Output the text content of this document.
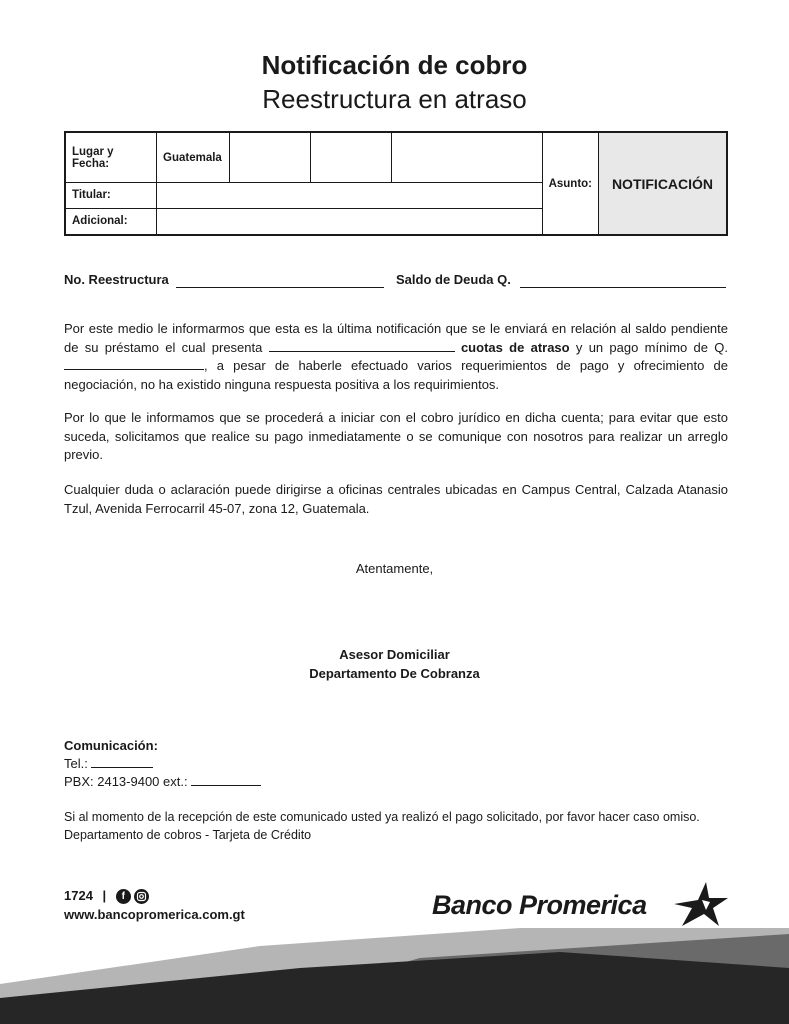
Notificación de cobro
Reestructura en atraso
Lugar y Fecha:	Guatemala				Asunto:	NOTIFICACIÓN
Titular:						
Adicional:						
No. Reestructura	Saldo de Deuda Q.
Por este medio le informarmos que esta es la última notificación que se le enviará en relación al saldo pendiente de su préstamo el cual presenta	cuotas de atraso y un pago mínimo de Q. , a pesar de haberle efectuado varios requerimientos de pago y ofrecimiento de negociación, no ha existido ninguna respuesta positiva a los requirimientos.
Por lo que le informamos que se procederá a iniciar con el cobro jurídico en dicha cuenta; para evitar que esto suceda, solicitamos que realice su pago inmediatamente o se comunique con nosotros para realizar un arreglo previo.
Cualquier duda o aclaración puede dirigirse a oficinas centrales ubicadas en Campus Central, Calzada Atanasio Tzul, Avenida Ferrocarril 45-07, zona 12, Guatemala.
Atentamente,
Asesor Domiciliar
Departamento De Cobranza
Comunicación:
Tel.:
PBX: 2413-9400 ext.:
Si al momento de la recepción de este comunicado usted ya realizó el pago solicitado, por favor hacer caso omiso.
Departamento de cobros - Tarjeta de Crédito
1724 | f
www.bancopromerica.com.gt	Banco Promerica
